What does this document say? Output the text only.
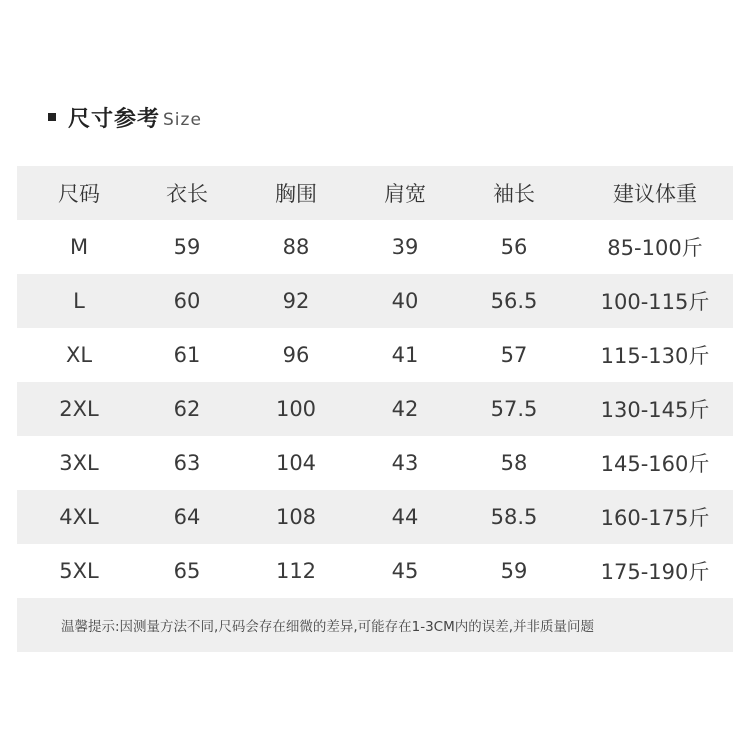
尺寸参考 Size
尺码	衣长	胸围	肩宽	袖长	建议体重
M	59	88	39	56	85-100斤
L	60	92	40	56.5	100-115斤
XL	61	96	41	57	115-130斤
2XL	62	100	42	57.5	130-145斤
3XL	63	104	43	58	145-160斤
4XL	64	108	44	58.5	160-175斤
5XL	65	112	45	59	175-190斤
温馨提示:因测量方法不同,尺码会存在细微的差异,可能存在1-3CM内的误差,并非质量问题
